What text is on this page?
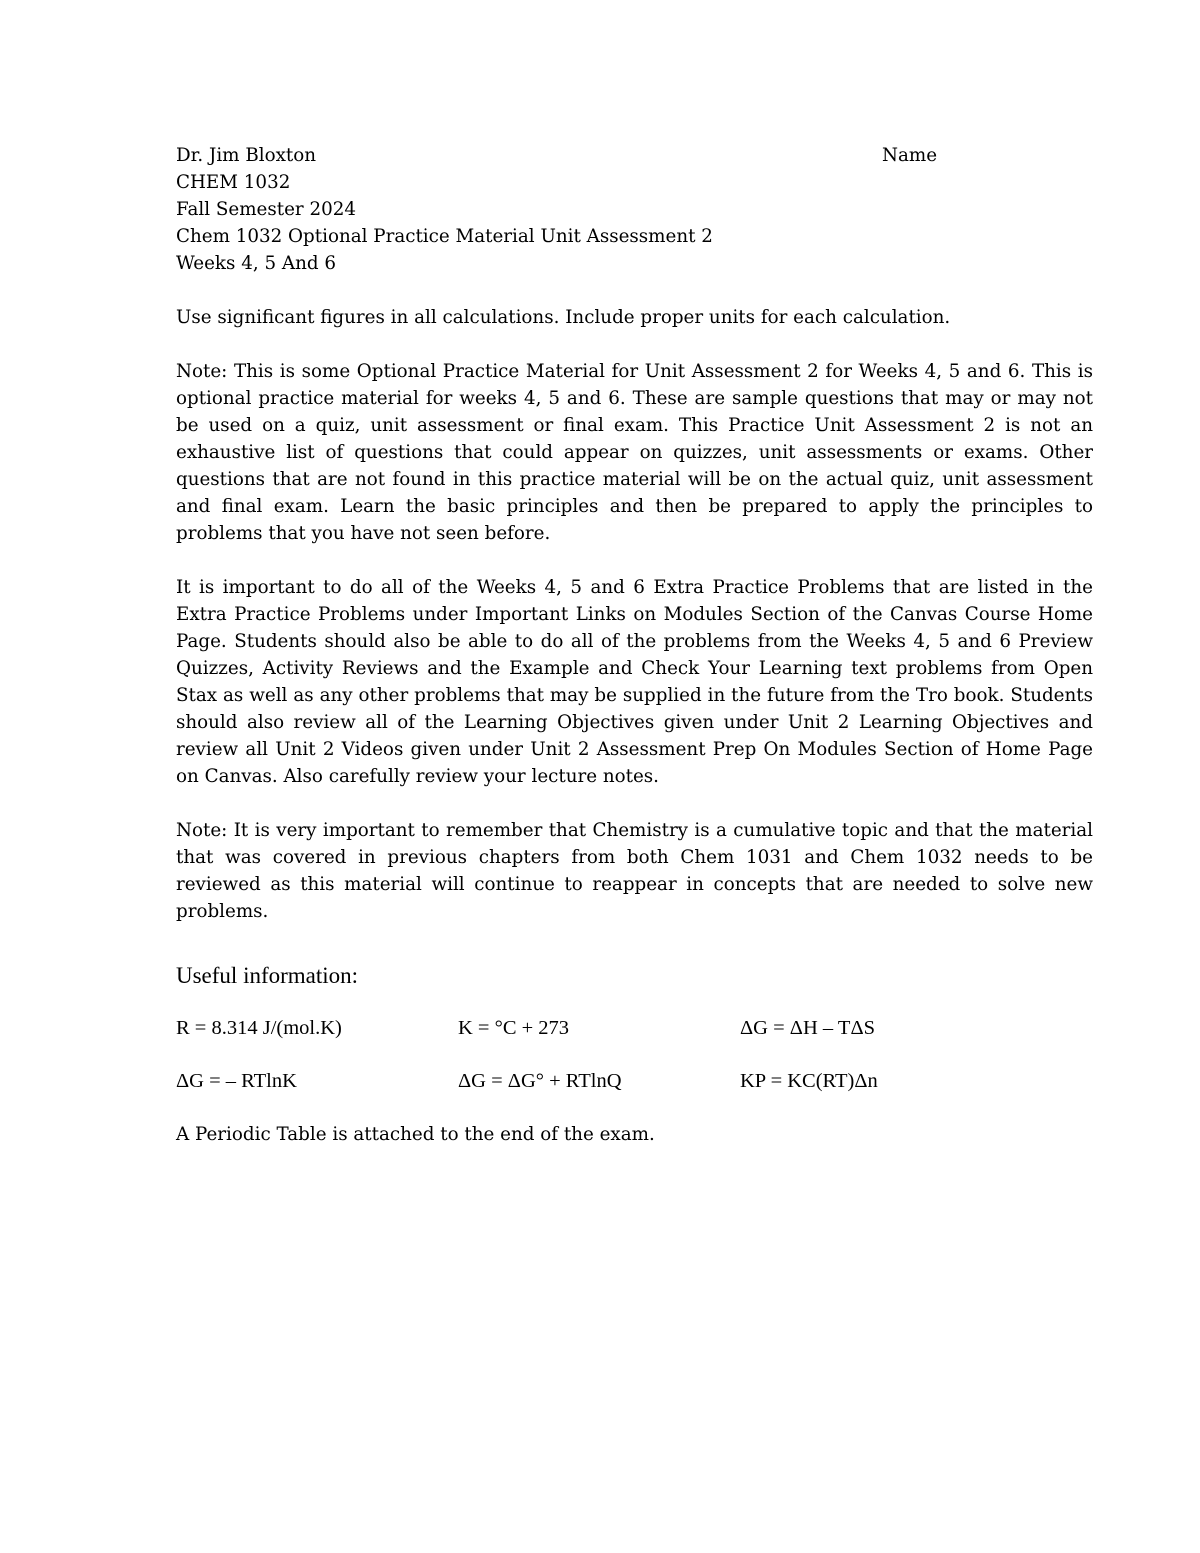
Dr. Jim Bloxton	Name
CHEM 1032
Fall Semester 2024
Chem 1032 Optional Practice Material Unit Assessment 2
Weeks 4, 5 And 6

Use significant figures in all calculations. Include proper units for each calculation.

Note: This is some Optional Practice Material for Unit Assessment 2 for Weeks 4, 5 and 6. This is optional practice material for weeks 4, 5 and 6. These are sample questions that may or may not be used on a quiz, unit assessment or final exam. This Practice Unit Assessment 2 is not an exhaustive list of questions that could appear on quizzes, unit assessments or exams. Other questions that are not found in this practice material will be on the actual quiz, unit assessment and final exam. Learn the basic principles and then be prepared to apply the principles to problems that you have not seen before.

It is important to do all of the Weeks 4, 5 and 6 Extra Practice Problems that are listed in the Extra Practice Problems under Important Links on Modules Section of the Canvas Course Home Page. Students should also be able to do all of the problems from the Weeks 4, 5 and 6 Preview Quizzes, Activity Reviews and the Example and Check Your Learning text problems from Open Stax as well as any other problems that may be supplied in the future from the Tro book. Students should also review all of the Learning Objectives given under Unit 2 Learning Objectives and review all Unit 2 Videos given under Unit 2 Assessment Prep On Modules Section of Home Page on Canvas. Also carefully review your lecture notes.

Note: It is very important to remember that Chemistry is a cumulative topic and that the material that was covered in previous chapters from both Chem 1031 and Chem 1032 needs to be reviewed as this material will continue to reappear in concepts that are needed to solve new problems.

Useful information:
R = 8.314 J/(mol.K)	K = °C + 273	ΔG = ΔH – TΔS
ΔG = – RTlnK	ΔG = ΔG° + RTlnQ	KP = KC(RT)Δn
A Periodic Table is attached to the end of the exam.
